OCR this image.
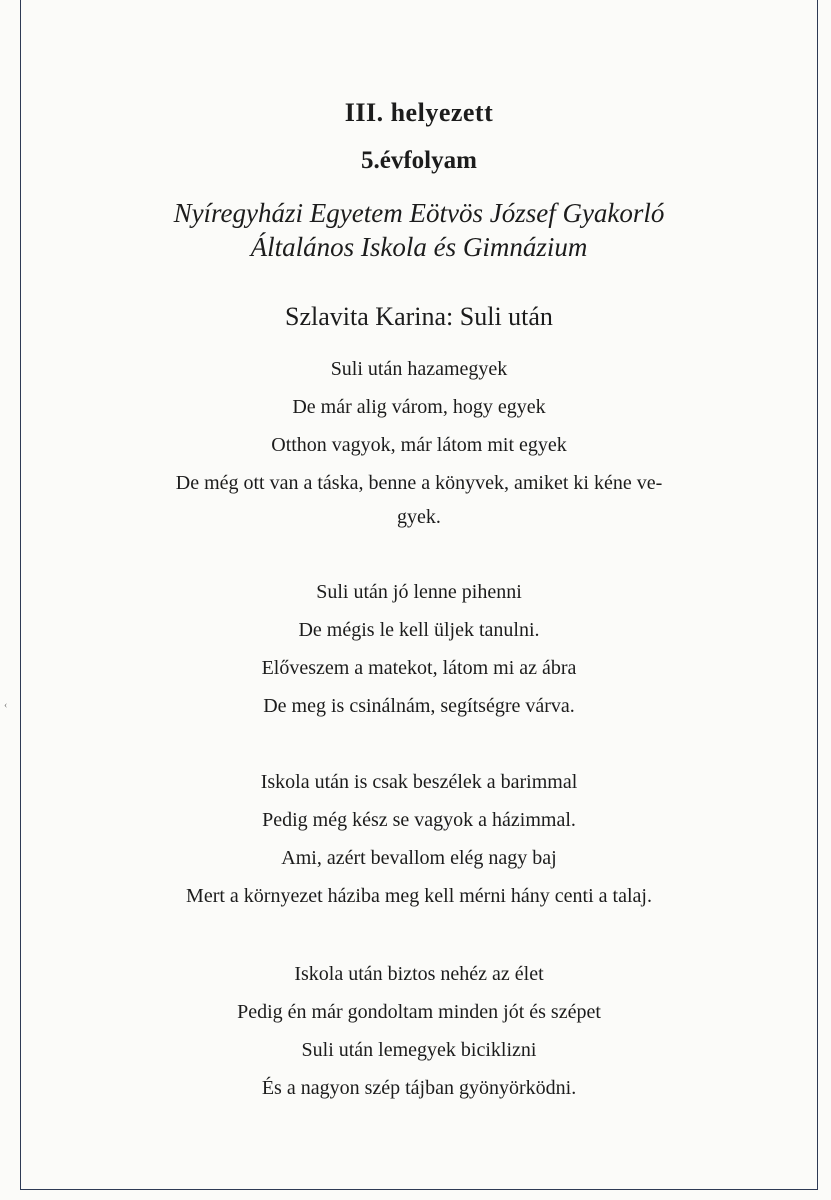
‹
III. helyezett
5.évfolyam
Nyíregyházi Egyetem Eötvös József Gyakorló
Általános Iskola és Gimnázium
Szlavita Karina: Suli után
Suli után hazamegyek
De már alig várom, hogy egyek
Otthon vagyok, már látom mit egyek
De még ott van a táska, benne a könyvek, amiket ki kéne ve-
gyek.
Suli után jó lenne pihenni
De mégis le kell üljek tanulni.
Előveszem a matekot, látom mi az ábra
De meg is csinálnám, segítségre várva.
Iskola után is csak beszélek a barimmal
Pedig még kész se vagyok a házimmal.
Ami, azért bevallom elég nagy baj
Mert a környezet háziba meg kell mérni hány centi a talaj.
Iskola után biztos nehéz az élet
Pedig én már gondoltam minden jót és szépet
Suli után lemegyek biciklizni
És a nagyon szép tájban gyönyörködni.
